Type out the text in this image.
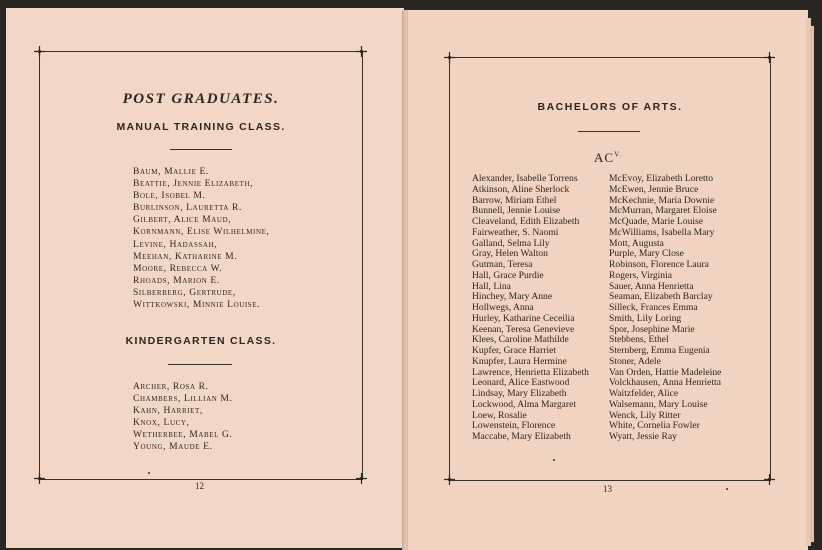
POST GRADUATES.
MANUAL TRAINING CLASS.
Baum, Mallie E.
Beattie, Jennie Elizabeth,
Bole, Isobel M.
Burlinson, Lauretta R.
Gilbert, Alice Maud,
Kornmann, Elise Wilhelmine,
Levine, Hadassah,
Meehan, Katharine M.
Moore, Rebecca W.
Rhoads, Marion E.
Silberberg, Gertrude,
Wittkowski, Minnie Louise.
KINDERGARTEN CLASS.
Archer, Rosa R.
Chambers, Lillian M.
Kahn, Harriet,
Knox, Lucy,
Wetherbee, Mabel G.
Young, Maude E.
12
BACHELORS OF ARTS.
$AC^{V.}$
Alexander, Isabelle Torrens
Atkinson, Aline Sherlock
Barrow, Miriam Ethel
Bunnell, Jennie Louise
Cleaveland, Edith Elizabeth
Fairweather, S. Naomi
Galland, Selma Lily
Gray, Helen Walton
Gutman, Teresa
Hall, Grace Purdie
Hall, Lina
Hinchey, Mary Anne
Hollwegs, Anna
Hurley, Katharine Ceceilia
Keenan, Teresa Genevieve
Klees, Caroline Mathilde
Kupfer, Grace Harriet
Knupfer, Laura Hermine
Lawrence, Henrietta Elizabeth
Leonard, Alice Eastwood
Lindsay, Mary Elizabeth
Lockwood, Alma Margaret
Loew, Rosalie
Lowenstein, Florence
Maccabe, Mary Elizabeth
McEvoy, Elizabeth Loretto
McEwen, Jennie Bruce
McKechnie, Maria Downie
McMurran, Margaret Eloise
McQuade, Marie Louise
McWilliams, Isabella Mary
Mott, Augusta
Purple, Mary Close
Robinson, Florence Laura
Rogers, Virginia
Sauer, Anna Henrietta
Seaman, Elizabeth Barclay
Silleck, Frances Emma
Smith, Lily Loring
Spor, Josephine Marie
Stebbens, Ethel
Sternberg, Emma Eugenia
Stoner, Adele
Van Orden, Hattie Madeleine
Volckhausen, Anna Henrietta
Waitzfelder, Alice
Walsemann, Mary Louise
Wenck, Lily Ritter
White, Cornelia Fowler
Wyatt, Jessie Ray
13
